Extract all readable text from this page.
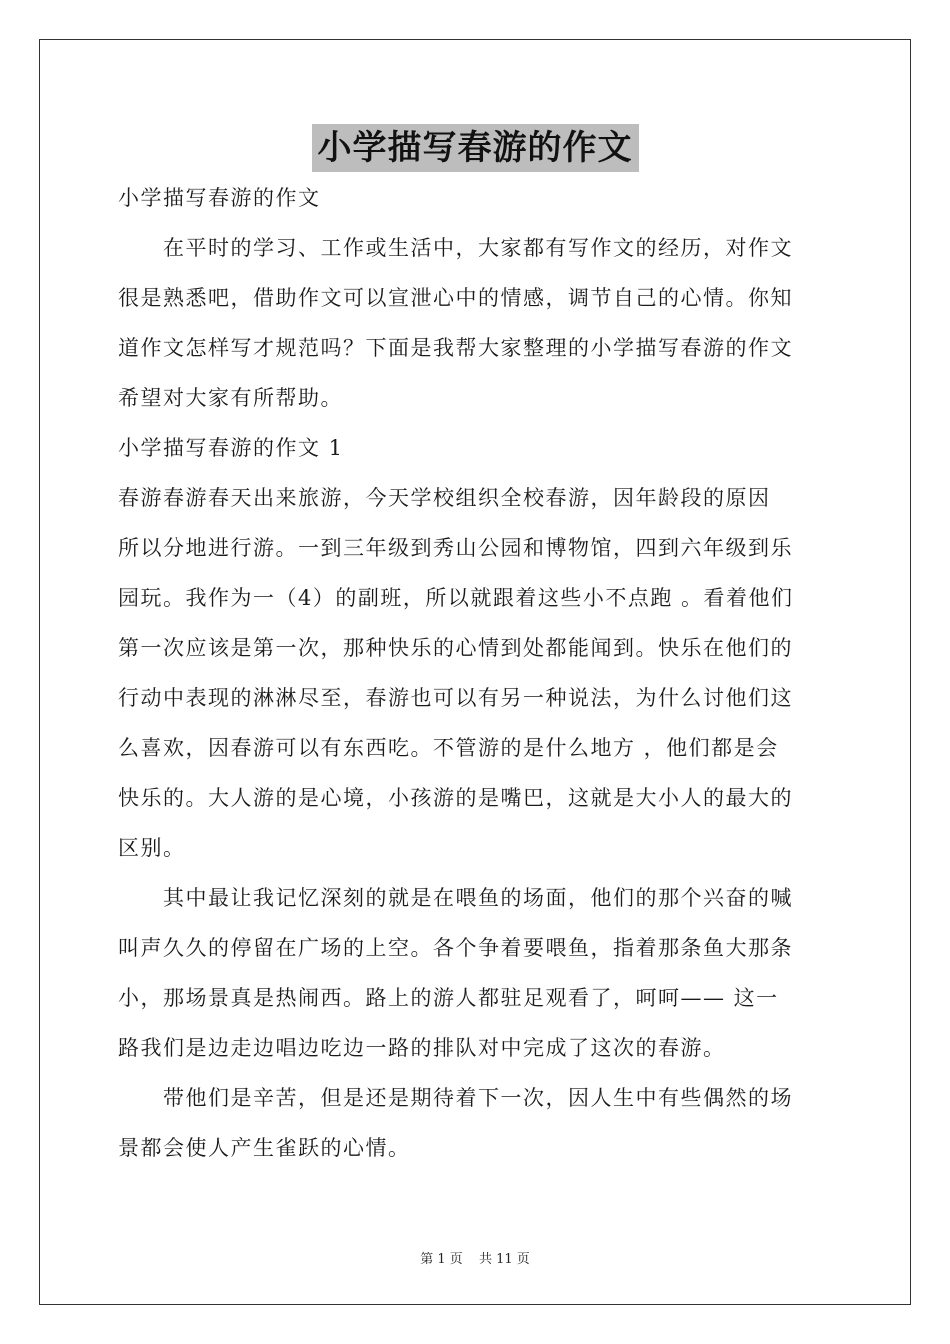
小学描写春游的作文
小学描写春游的作文
　　在平时的学习、工作或生活中，大家都有写作文的经历，对作文
很是熟悉吧，借助作文可以宣泄心中的情感，调节自己的心情。你知
道作文怎样写才规范吗？下面是我帮大家整理的小学描写春游的作文
希望对大家有所帮助。
小学描写春游的作文 1
春游春游春天出来旅游，今天学校组织全校春游，因年龄段的原因
所以分地进行游。一到三年级到秀山公园和博物馆，四到六年级到乐
园玩。我作为一（4）的副班，所以就跟着这些小不点跑 。看着他们
第一次应该是第一次，那种快乐的心情到处都能闻到。快乐在他们的
行动中表现的淋淋尽至，春游也可以有另一种说法，为什么讨他们这
么喜欢，因春游可以有东西吃。不管游的是什么地方 ，他们都是会
快乐的。大人游的是心境，小孩游的是嘴巴，这就是大小人的最大的
区别。
　　其中最让我记忆深刻的就是在喂鱼的场面，他们的那个兴奋的喊
叫声久久的停留在广场的上空。各个争着要喂鱼，指着那条鱼大那条
小，那场景真是热闹西。路上的游人都驻足观看了，呵呵—— 这一
路我们是边走边唱边吃边一路的排队对中完成了这次的春游。
　　带他们是辛苦，但是还是期待着下一次，因人生中有些偶然的场
景都会使人产生雀跃的心情。
第 1 页 共 11 页
